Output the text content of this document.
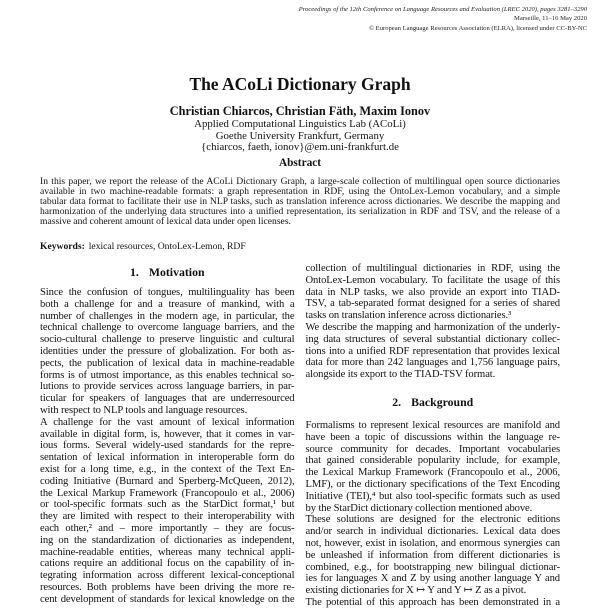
Proceedings of the 12th Conference on Language Resources and Evaluation (LREC 2020), pages 3281–3290
Marseille, 11–16 May 2020
© European Language Resources Association (ELRA), licensed under CC-BY-NC
The ACoLi Dictionary Graph
Christian Chiarcos, Christian Fäth, Maxim Ionov
Applied Computational Linguistics Lab (ACoLi)
Goethe University Frankfurt, Germany
{chiarcos, faeth, ionov}@em.uni-frankfurt.de
Abstract
In this paper, we report the release of the ACoLi Dictionary Graph, a large-scale collection of multilingual open source dictionaries
available in two machine-readable formats: a graph representation in RDF, using the OntoLex-Lemon vocabulary, and a simple
tabular data format to facilitate their use in NLP tasks, such as translation inference across dictionaries. We describe the mapping and
harmonization of the underlying data structures into a unified representation, its serialization in RDF and TSV, and the release of a
massive and coherent amount of lexical data under open licenses.
Keywords: lexical resources, OntoLex-Lemon, RDF
1. Motivation
Since the confusion of tongues, multilinguality has been
both a challenge for and a treasure of mankind, with a
number of challenges in the modern age, in particular, the
technical challenge to overcome language barriers, and the
socio-cultural challenge to preserve linguistic and cultural
identities under the pressure of globalization. For both as-
pects, the publication of lexical data in machine-readable
forms is of utmost importance, as this enables technical so-
lutions to provide services across language barriers, in par-
ticular for speakers of languages that are underresourced
with respect to NLP tools and language resources.
A challenge for the vast amount of lexical information
available in digital form, is, however, that it comes in var-
ious forms. Several widely-used standards for the repre-
sentation of lexical information in interoperable form do
exist for a long time, e.g., in the context of the Text En-
coding Initiative (Burnard and Sperberg-McQueen, 2012),
the Lexical Markup Framework (Francopoulo et al., 2006)
or tool-specific formats such as the StarDict format,¹ but
they are limited with respect to their interoperability with
each other,² and – more importantly – they are focus-
ing on the standardization of dictionaries as independent,
machine-readable entities, whereas many technical appli-
cations require an additional focus on the capability of in-
tegrating information across different lexical-conceptional
resources. Both problems have been driving the more re-
cent development of standards for lexical knowledge on the
collection of multilingual dictionaries in RDF, using the
OntoLex-Lemon vocabulary. To facilitate the usage of this
data in NLP tasks, we also provide an export into TIAD-
TSV, a tab-separated format designed for a series of shared
tasks on translation inference across dictionaries.³
We describe the mapping and harmonization of the underly-
ing data structures of several substantial dictionary collec-
tions into a unified RDF representation that provides lexical
data for more than 242 languages and 1,756 language pairs,
alongside its export to the TIAD-TSV format.
2. Background
Formalisms to represent lexical resources are manifold and
have been a topic of discussions within the language re-
source community for decades. Important vocabularies
that gained considerable popularity include, for example,
the Lexical Markup Framework (Francopoulo et al., 2006,
LMF), or the dictionary specifications of the Text Encoding
Initiative (TEI),⁴ but also tool-specific formats such as used
by the StarDict dictionary collection mentioned above.
These solutions are designed for the electronic editions
and/or search in individual dictionaries. Lexical data does
not, however, exist in isolation, and enormous synergies can
be unleashed if information from different dictionaries is
combined, e.g., for bootstrapping new bilingual dictionar-
ies for languages X and Z by using another language Y and
existing dictionaries for X ↦ Y and Y ↦ Z as a pivot.
The potential of this approach has been demonstrated in a
